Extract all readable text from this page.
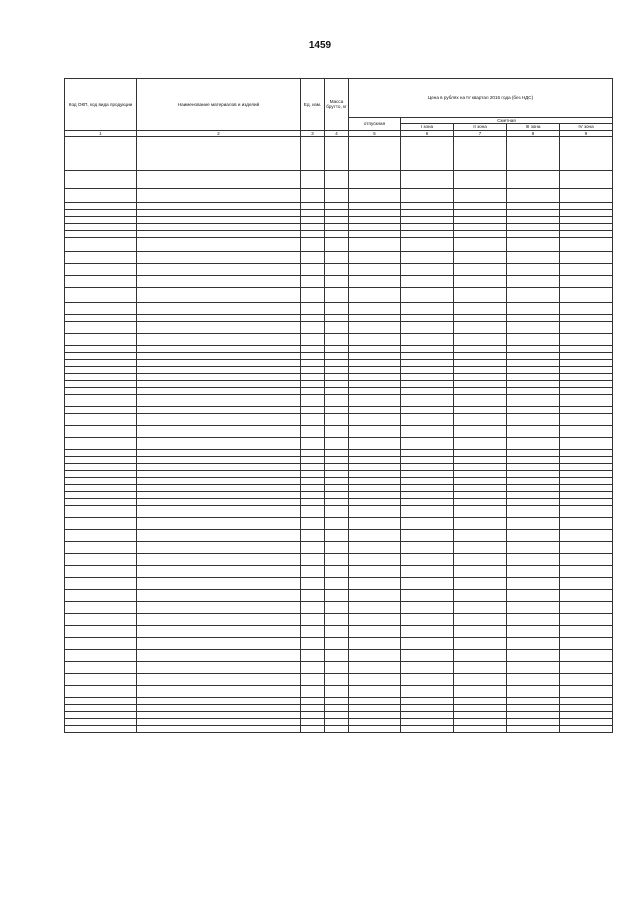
1459
Код ОКП, код вида продукции	Наименование материалов и изделий	Ед. изм.	Масса брутто, кг	Цена в рублях на IV квартал 2016 года (без НДС)				
				отпускная	Сметная			
					I зона	II зона	III зона	IV зона
1	2	3	4	5	6	7	8	9
